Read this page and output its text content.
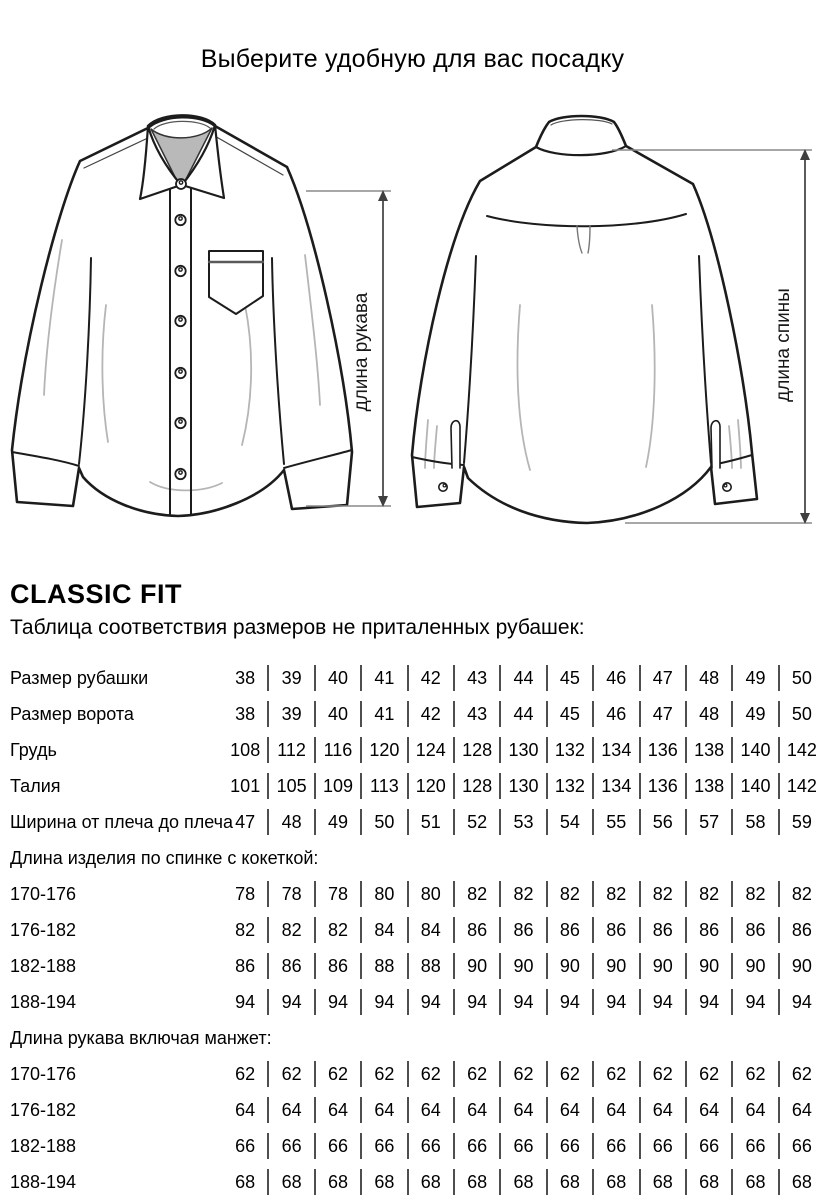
Выберите удобную для вас посадку
длина рукава	длина спины
CLASSIC FIT
Таблица соответствия размеров не приталенных рубашек:
Размер рубашки	38	39	40	41	42	43	44	45	46	47	48	49	50
Размер ворота	38	39	40	41	42	43	44	45	46	47	48	49	50
Грудь	108 112 116 120 124 128 130 132 134 136 138 140 142
Талия	101 105 109 113 120 128 130 132 134 136 138 140 142
Ширина от плеча до плеча 47	48	49	50	51	52	53	54	55	56	57	58	59
Длина изделия по спинке с кокеткой:
170-176	78	78	78	80	80	82	82	82	82	82	82	82	82
176-182	82	82	82	84	84	86	86	86	86	86	86	86	86
182-188	86	86	86	88	88	90	90	90	90	90	90	90	90
188-194	94	94	94	94	94	94	94	94	94	94	94	94	94
Длина рукава включая манжет:
170-176	62	62	62	62	62	62	62	62	62	62	62	62	62
176-182	64	64	64	64	64	64	64	64	64	64	64	64	64
182-188	66	66	66	66	66	66	66	66	66	66	66	66	66
188-194	68	68	68	68	68	68	68	68	68	68	68	68	68
